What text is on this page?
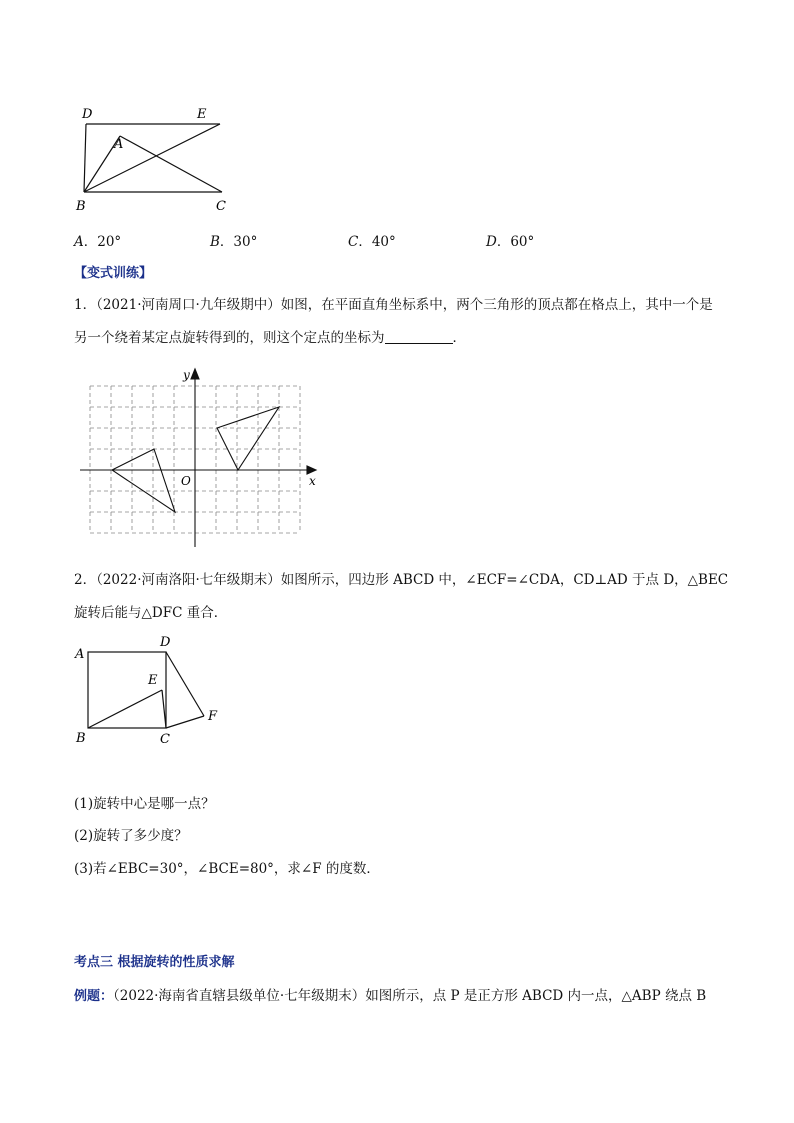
D	E
A
B	C
A．20°	B．30°	C．40°	D．60°
【变式训练】
1．（2021·河南周口·九年级期中）如图，在平面直角坐标系中，两个三角形的顶点都在格点上，其中一个是
另一个绕着某定点旋转得到的，则这个定点的坐标为	．
y
x
O
2．（2022·河南洛阳·七年级期末）如图所示，四边形 ABCD 中，∠ECF=∠CDA，CD⊥AD 于点 D，△BEC
旋转后能与△DFC 重合．
A
D
E
F
B	C
(1)旋转中心是哪一点？
(2)旋转了多少度？
(3)若∠EBC=30°，∠BCE=80°，求∠F 的度数．
考点三 根据旋转的性质求解
例题：（2022·海南省直辖县级单位·七年级期末）如图所示，点 P 是正方形 ABCD 内一点，△ABP 绕点 B
